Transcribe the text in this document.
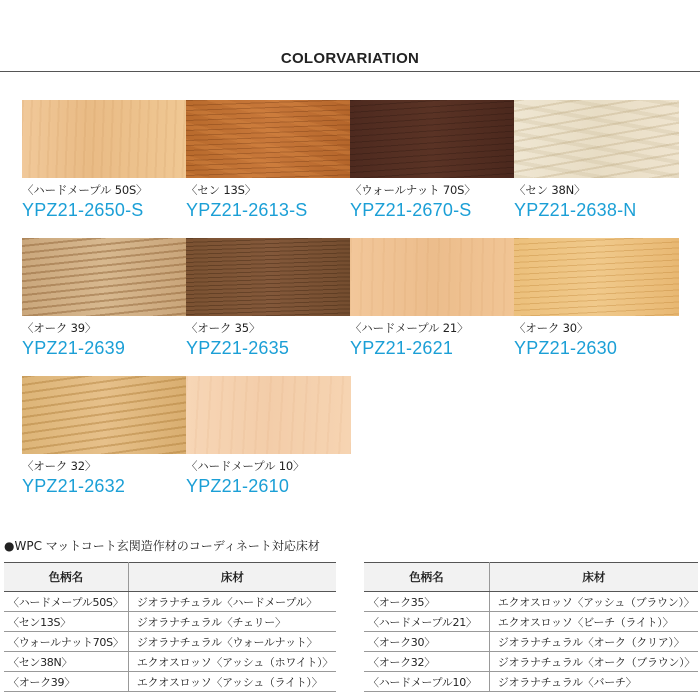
COLORVARIATION
〈ハードメープル 50S〉
YPZ21-2650-S
〈セン 13S〉
YPZ21-2613-S
〈ウォールナット 70S〉
YPZ21-2670-S
〈セン 38N〉
YPZ21-2638-N
〈オーク 39〉
YPZ21-2639
〈オーク 35〉
YPZ21-2635
〈ハードメープル 21〉
YPZ21-2621
〈オーク 30〉
YPZ21-2630
〈オーク 32〉
YPZ21-2632
〈ハードメープル 10〉
YPZ21-2610
●WPC マットコート玄関造作材のコーディネート対応床材
色柄名	床材
〈ハードメープル50S〉	ジオラナチュラル〈ハードメープル〉
〈セン13S〉	ジオラナチュラル〈チェリー〉
〈ウォールナット70S〉	ジオラナチュラル〈ウォールナット〉
〈セン38N〉	エクオスロッソ〈アッシュ（ホワイト）〉
〈オーク39〉	エクオスロッソ〈アッシュ（ライト）〉
色柄名	床材
〈オーク35〉	エクオスロッソ〈アッシュ（ブラウン）〉
〈ハードメープル21〉	エクオスロッソ〈ビーチ（ライト）〉
〈オーク30〉	ジオラナチュラル〈オーク（クリア）〉
〈オーク32〉	ジオラナチュラル〈オーク（ブラウン）〉
〈ハードメープル10〉	ジオラナチュラル〈バーチ〉
